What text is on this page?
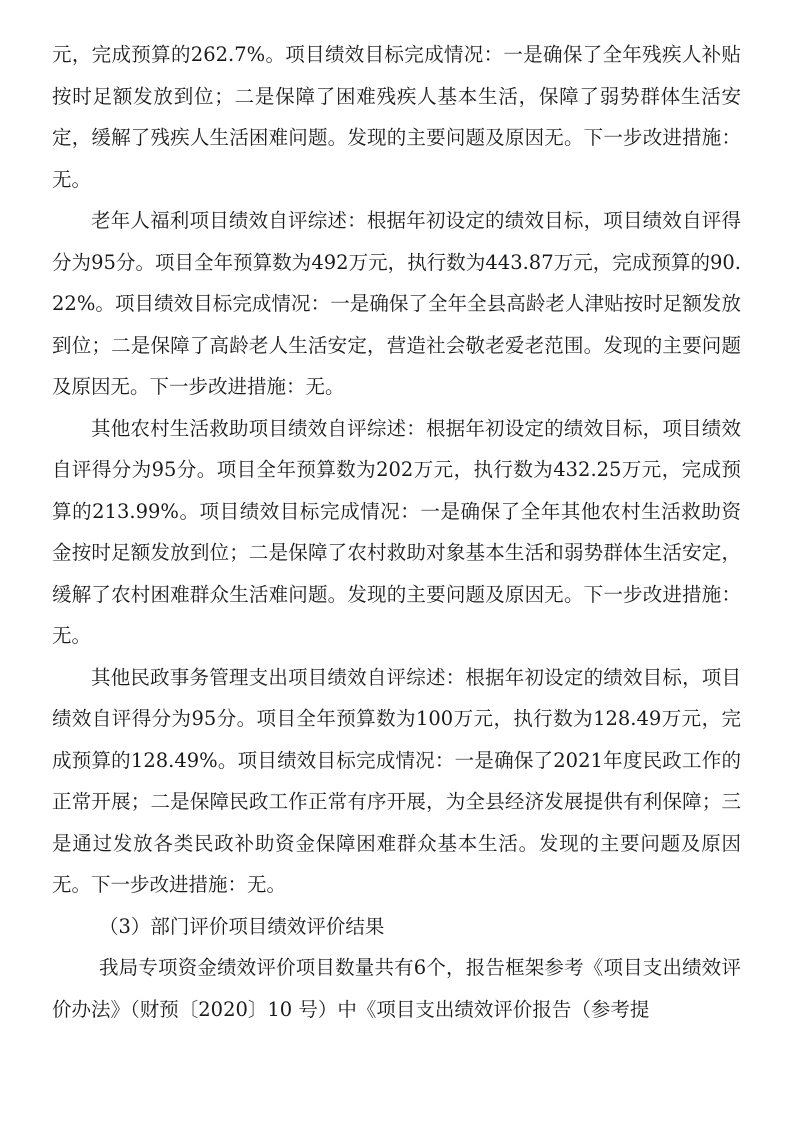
元，完成预算的262.7%。项目绩效目标完成情况：一是确保了全年残疾人补贴按时足额发放到位；二是保障了困难残疾人基本生活，保障了弱势群体生活安定，缓解了残疾人生活困难问题。发现的主要问题及原因无。下一步改进措施：无。

老年人福利项目绩效自评综述：根据年初设定的绩效目标，项目绩效自评得分为95分。项目全年预算数为492万元，执行数为443.87万元，完成预算的90.22%。项目绩效目标完成情况：一是确保了全年全县高龄老人津贴按时足额发放到位；二是保障了高龄老人生活安定，营造社会敬老爱老范围。发现的主要问题及原因无。下一步改进措施：无。

其他农村生活救助项目绩效自评综述：根据年初设定的绩效目标，项目绩效自评得分为95分。项目全年预算数为202万元，执行数为432.25万元，完成预算的213.99%。项目绩效目标完成情况：一是确保了全年其他农村生活救助资金按时足额发放到位；二是保障了农村救助对象基本生活和弱势群体生活安定，缓解了农村困难群众生活难问题。发现的主要问题及原因无。下一步改进措施：无。

其他民政事务管理支出项目绩效自评综述：根据年初设定的绩效目标，项目绩效自评得分为95分。项目全年预算数为100万元，执行数为128.49万元，完成预算的128.49%。项目绩效目标完成情况：一是确保了2021年度民政工作的正常开展；二是保障民政工作正常有序开展，为全县经济发展提供有利保障；三是通过发放各类民政补助资金保障困难群众基本生活。发现的主要问题及原因无。下一步改进措施：无。

（3）部门评价项目绩效评价结果

我局专项资金绩效评价项目数量共有6个，报告框架参考《项目支出绩效评价办法》（财预〔2020〕10 号）中《项目支出绩效评价报告（参考提
